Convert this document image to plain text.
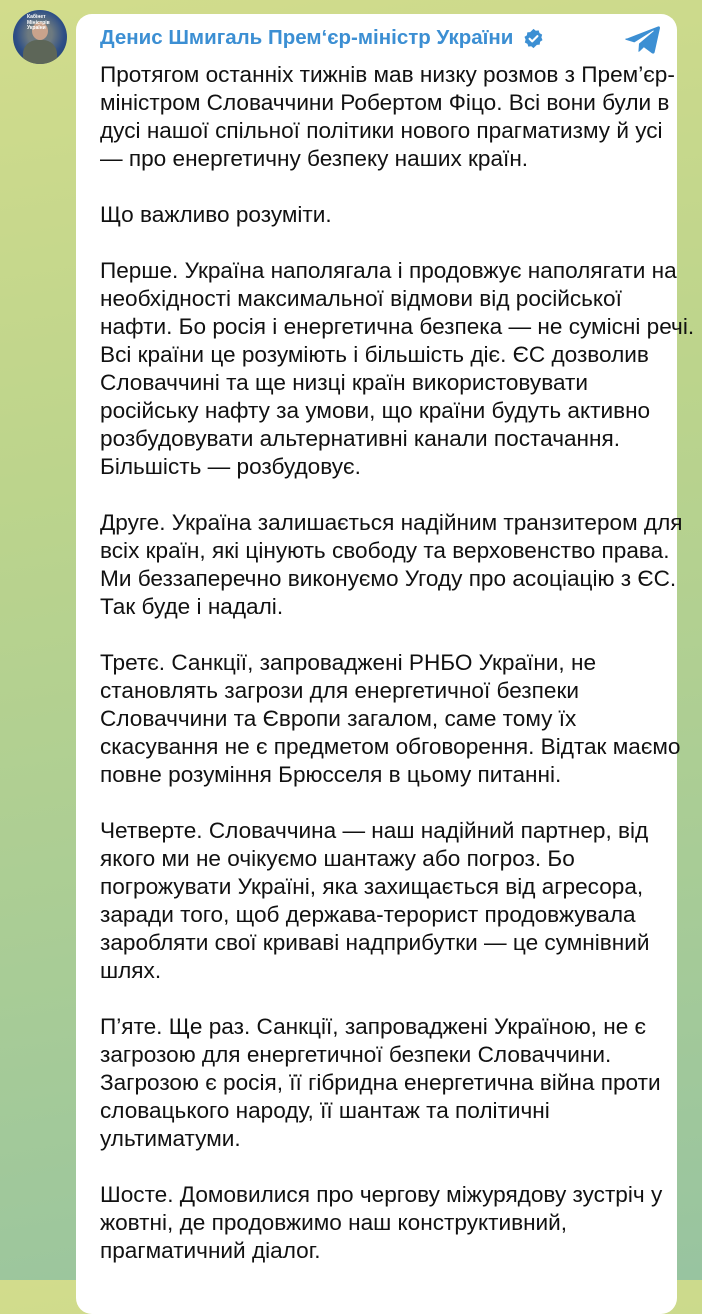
Кабінет Міністрів України	Денис Шмигаль Прем‘єр-міністр України
Протягом останніх тижнів мав низку розмов з Прем’єр-
міністром Словаччини Робертом Фіцо. Всі вони були в
дусі нашої спільної політики нового прагматизму й усі
— про енергетичну безпеку наших країн.
Що важливо розуміти.
Перше. Україна наполягала і продовжує наполягати на
необхідності максимальної відмови від російської
нафти. Бо росія і енергетична безпека — не сумісні речі.
Всі країни це розуміють і більшість діє. ЄС дозволив
Словаччині та ще низці країн використовувати
російську нафту за умови, що країни будуть активно
розбудовувати альтернативні канали постачання.
Більшість — розбудовує.
Друге. Україна залишається надійним транзитером для
всіх країн, які цінують свободу та верховенство права.
Ми беззаперечно виконуємо Угоду про асоціацію з ЄС.
Так буде і надалі.
Третє. Санкції, запроваджені РНБО України, не
становлять загрози для енергетичної безпеки
Словаччини та Європи загалом, саме тому їх
скасування не є предметом обговорення. Відтак маємо
повне розуміння Брюсселя в цьому питанні.
Четверте. Словаччина — наш надійний партнер, від
якого ми не очікуємо шантажу або погроз. Бо
погрожувати Україні, яка захищається від агресора,
заради того, щоб держава-терорист продовжувала
заробляти свої криваві надприбутки — це сумнівний
шлях.
П’яте. Ще раз. Санкції, запроваджені Україною, не є
загрозою для енергетичної безпеки Словаччини.
Загрозою є росія, її гібридна енергетична війна проти
словацького народу, її шантаж та політичні
ультиматуми.
Шосте. Домовилися про чергову міжурядову зустріч у
жовтні, де продовжимо наш конструктивний,
прагматичний діалог.
